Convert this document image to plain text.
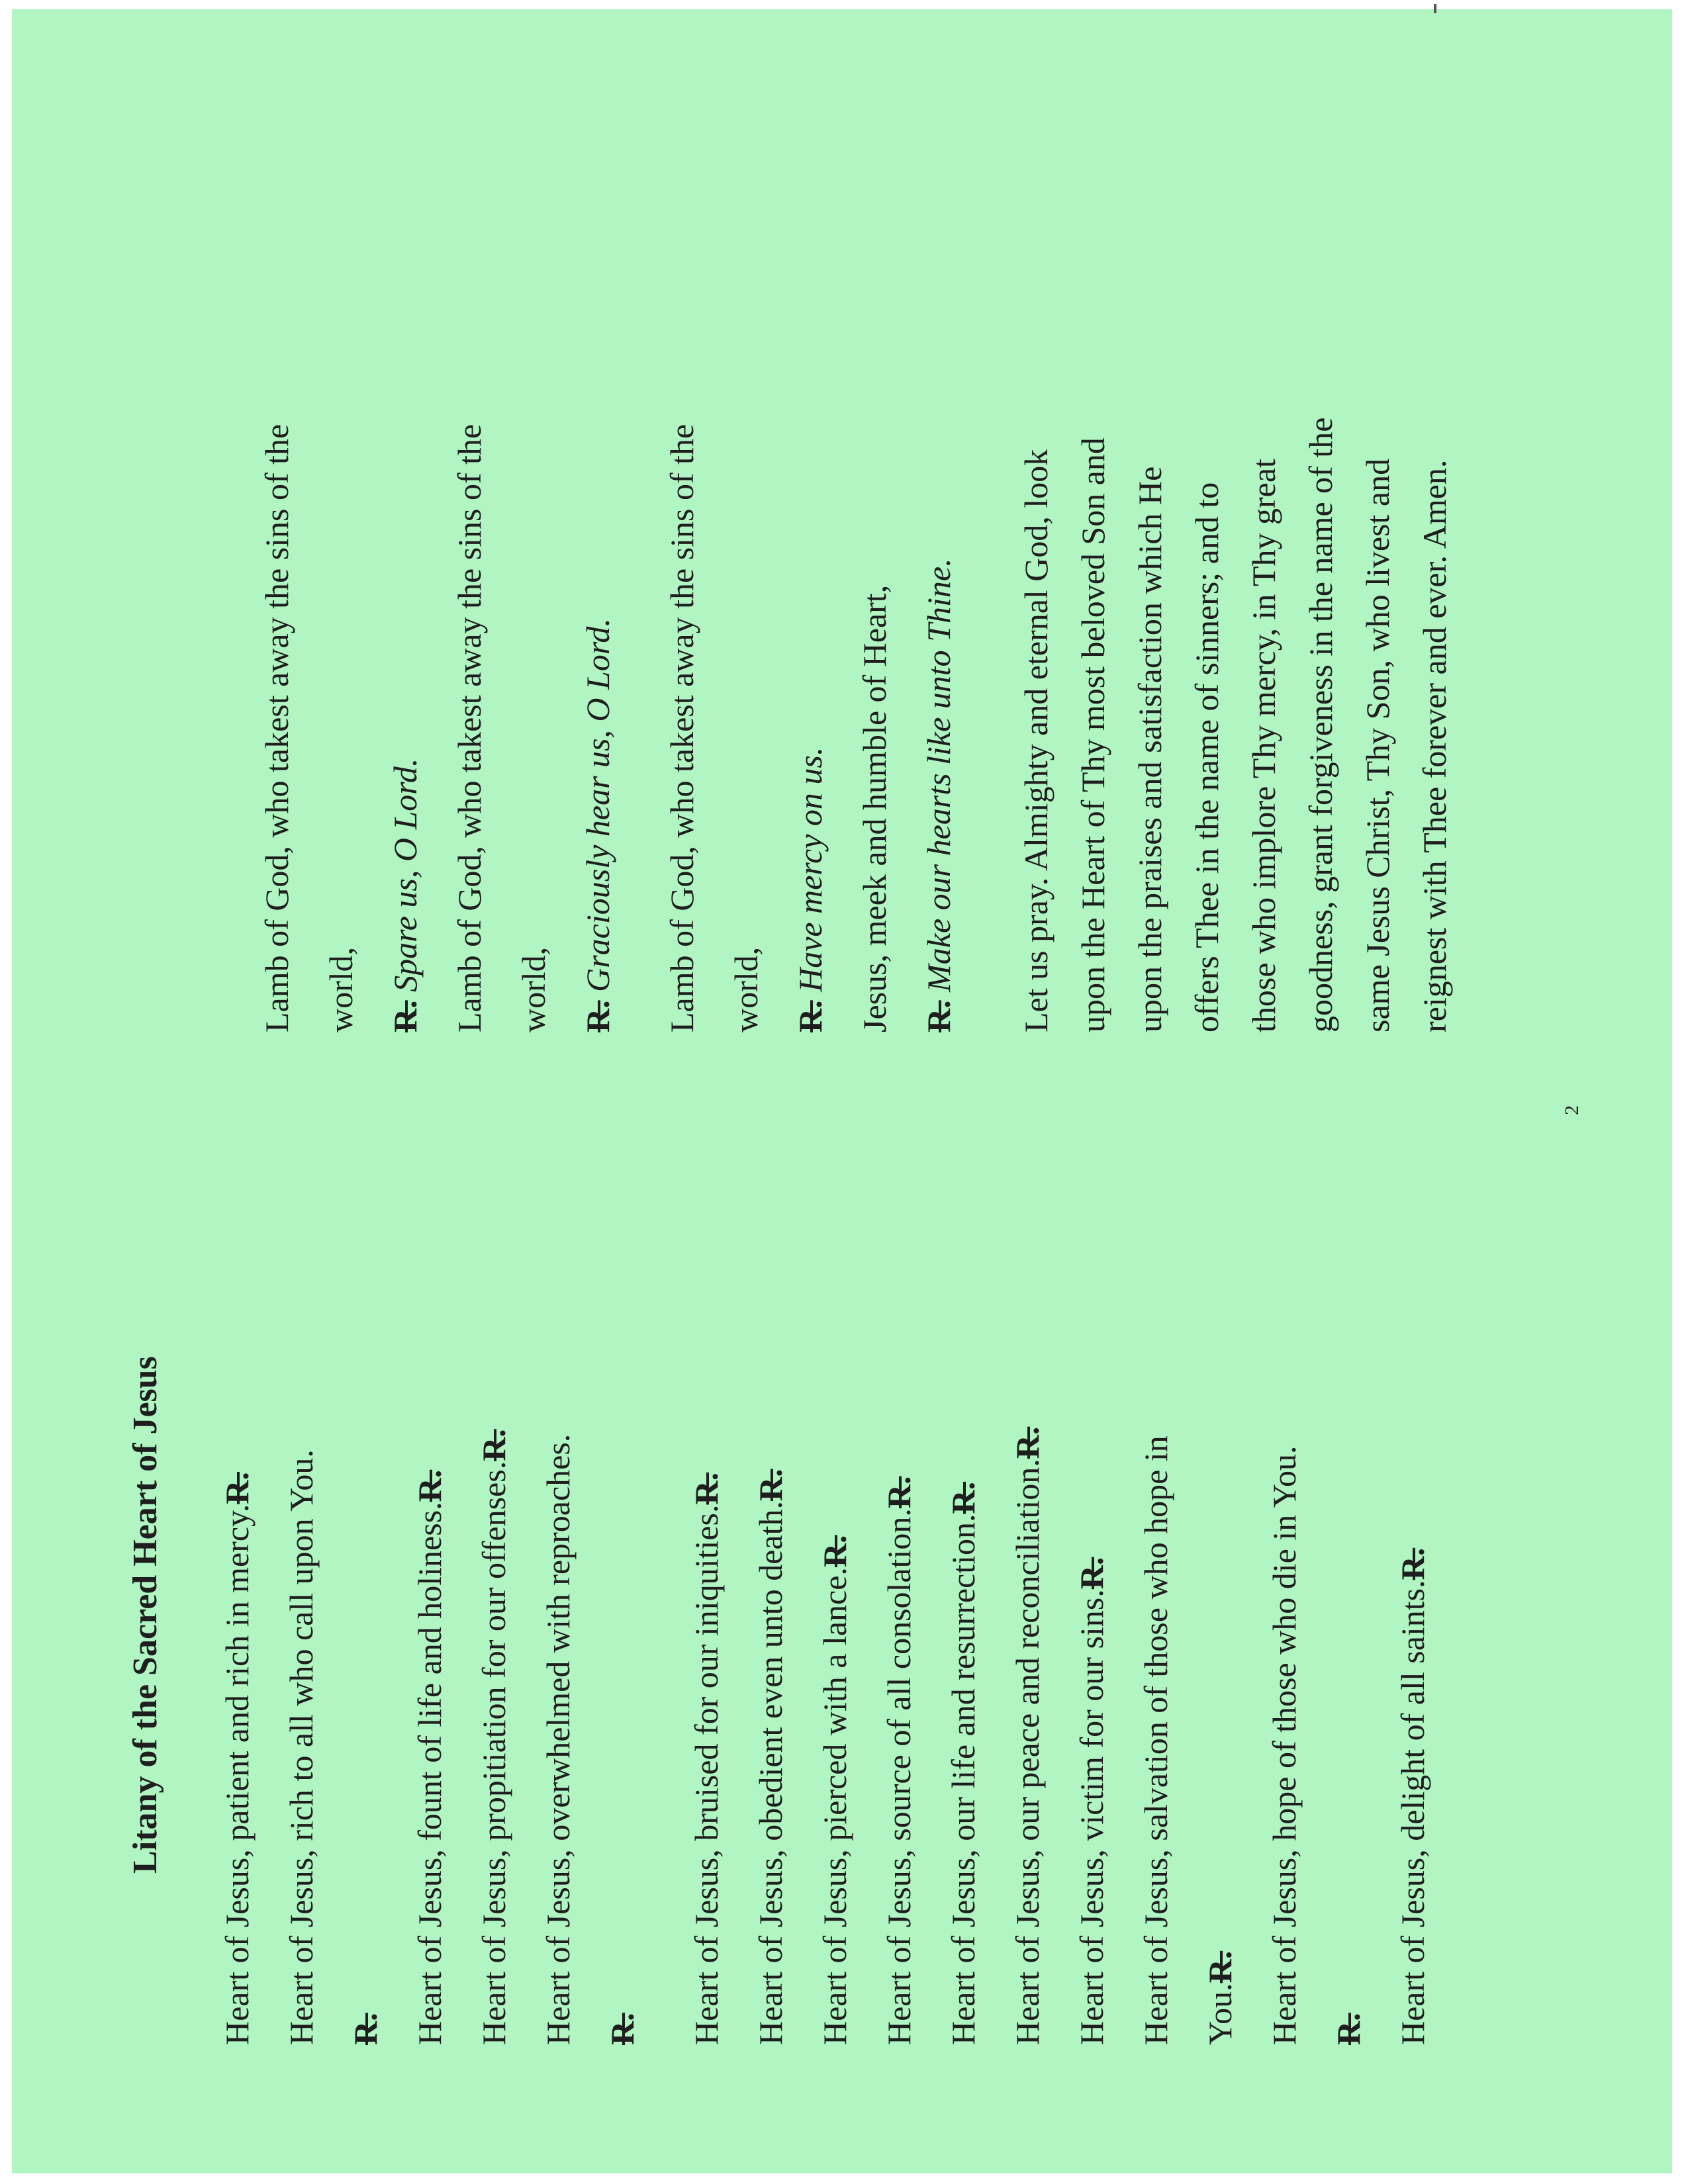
Litany of the Sacred Heart of Jesus	Heart of Jesus, patient and rich in mercy.R. Heart of Jesus, rich to all who call upon You. R. Heart of Jesus, fount of life and holiness.R. Heart of Jesus, propitiation for our offenses.R. Heart of Jesus, overwhelmed with reproaches. R.	Heart of Jesus, bruised for our iniquities.R.
Heart of Jesus, obedient even unto death.R.
Heart of Jesus, pierced with a lance.R. Heart of Jesus, source of all consolation.R.
Heart of Jesus, our life and resurrection.R. Heart of Jesus, our peace and reconciliation.R.
Heart of Jesus, victim for our sins.R. Heart of Jesus, salvation of those who hope in You.R. Heart of Jesus, hope of those who die in You. R. Heart of Jesus, delight of all saints.R.
Lamb of God, who takest away the sins of the world, R. Spare us, O Lord. Lamb of God, who takest away the sins of the world, R. Graciously hear us, O Lord.	Lamb of God, who takest away the sins of the world, R. Have mercy on us. Jesus, meek and humble of Heart, R. Make our hearts like unto Thine.	Let us pray. Almighty and eternal God, look upon the Heart of Thy most beloved Son and upon the praises and satisfaction which He offers Thee in the name of sinners; and to those who implore Thy mercy, in Thy great goodness, grant forgiveness in the name of the same Jesus Christ, Thy Son, who livest and reignest with Thee forever and ever. Amen.
2
